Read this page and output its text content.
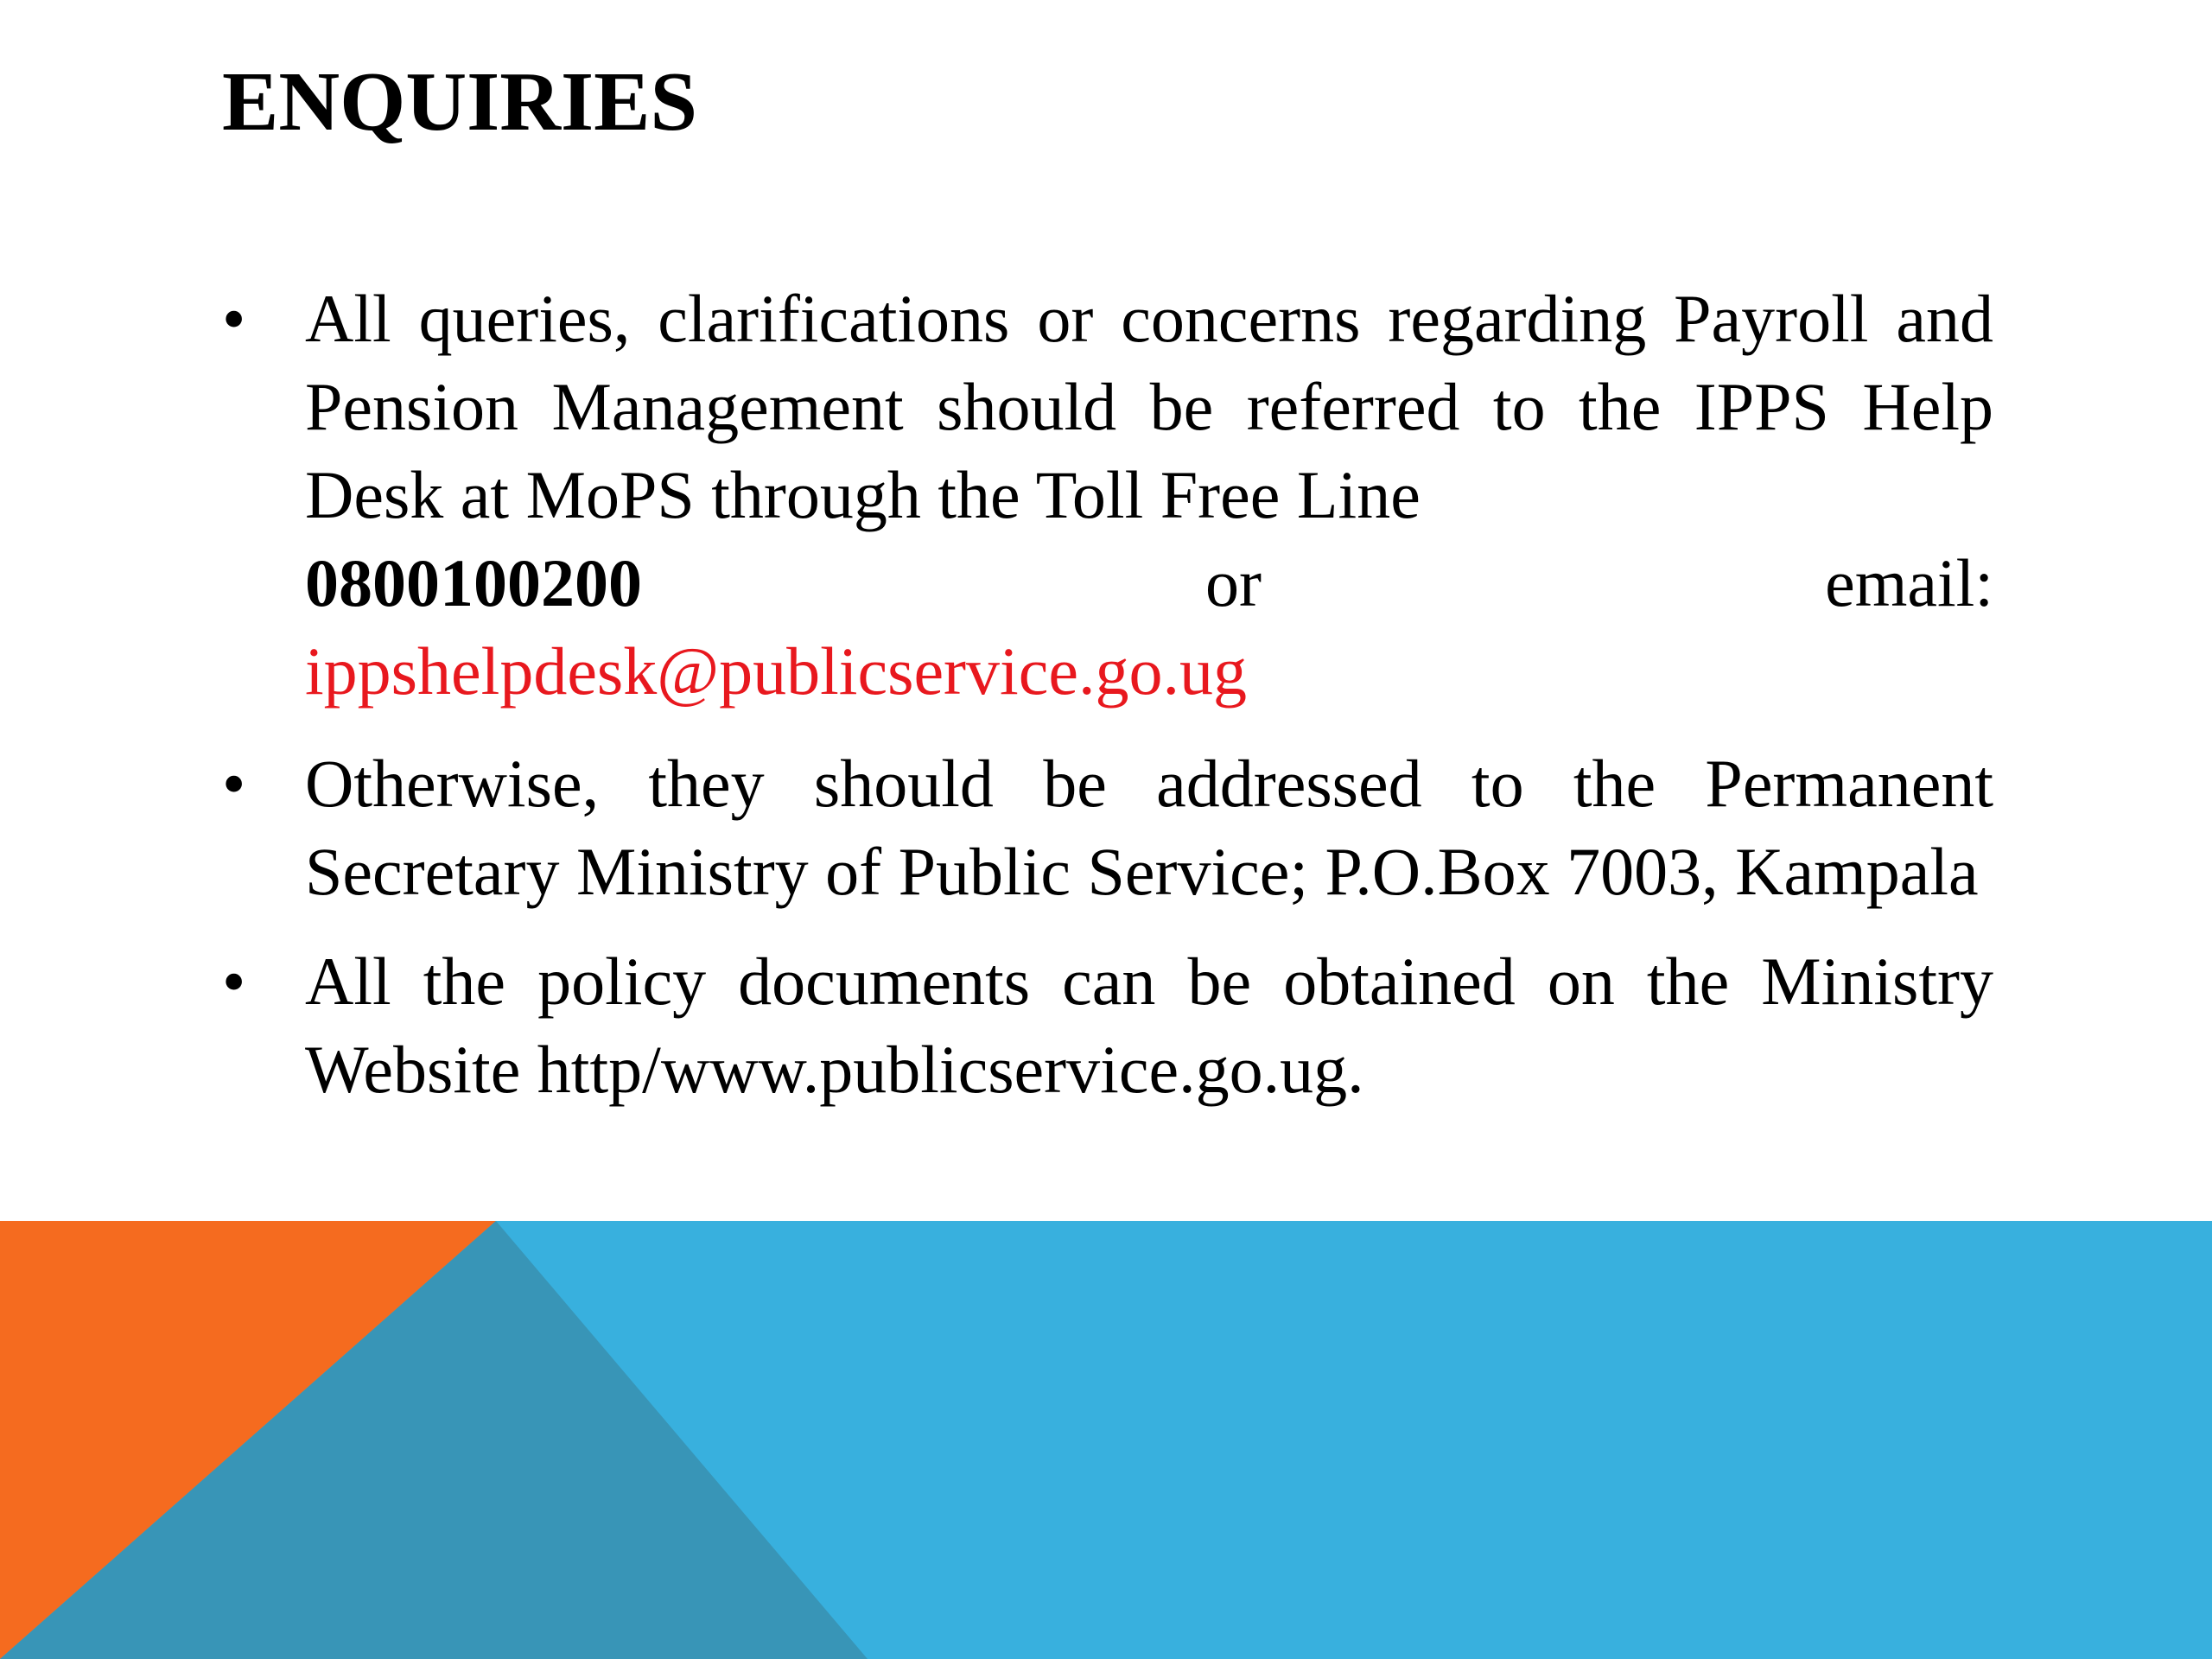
ENQUIRIES
• All queries, clarifications or concerns regarding Payroll and Pension Management should be referred to the IPPS Help Desk at MoPS through the Toll Free Line
0800100200	or	email:
ippshelpdesk@publicservice.go.ug
• Otherwise, they should be addressed to the Permanent Secretary Ministry of Public Service; P.O.Box 7003, Kampala
• All the policy documents can be obtained on the Ministry Website http/www.publicservice.go.ug.
